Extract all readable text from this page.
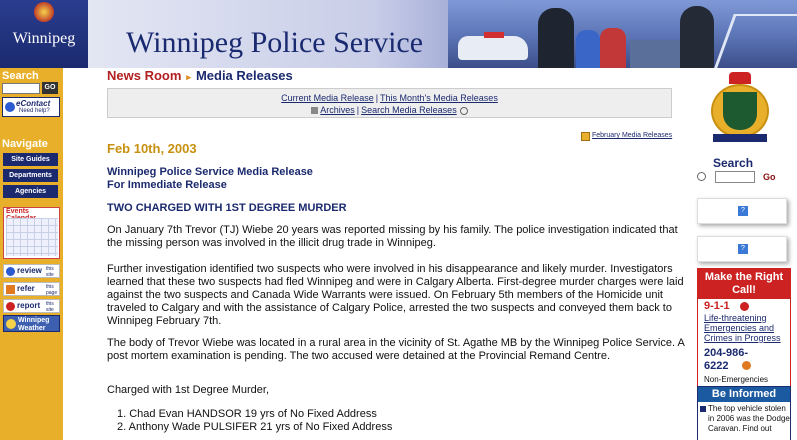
Winnipeg	Winnipeg Police Service
Search
GO
eContact
Need help?
Navigate
Site Guides
Departments
Agencies
Events
review this site
refer this page
report this site
Winnipeg
Weather
News Room ▸ Media Releases
Current Media Release | This Month's Media Releases
Archives | Search Media Releases
February Media Releases
Feb 10th, 2003
Winnipeg Police Service Media Release
For Immediate Release
TWO CHARGED WITH 1ST DEGREE MURDER

On January 7th Trevor (TJ) Wiebe 20 years was reported missing by his family. The police investigation indicated that the missing person was involved in the illicit drug trade in Winnipeg.

Further investigation identified two suspects who were involved in his disappearance and likely murder. Investigators learned that these two suspects had fled Winnipeg and were in Calgary Alberta. First-degree murder charges were laid against the two suspects and Canada Wide Warrants were issued. On February 5th members of the Homicide unit traveled to Calgary and with the assistance of Calgary Police, arrested the two suspects and conveyed them back to Winnipeg February 7th.

The body of Trevor Wiebe was located in a rural area in the vicinity of St. Agathe MB by the Winnipeg Police Service. A post mortem examination is pending. The two accused were detained at the Provincial Remand Centre.

Charged with 1st Degree Murder,

1. Chad Evan HANDSOR 19 yrs of No Fixed Address
2. Anthony Wade PULSIFER 21 yrs of No Fixed Address
Search
Go
?
?
Make the Right Call!
9-1-1
Life-threatening Emergencies and Crimes in Progress
204-986-6222
Non-Emergencies
Be Informed
The top vehicle stolen in 2006 was the Dodge Caravan. Find out
